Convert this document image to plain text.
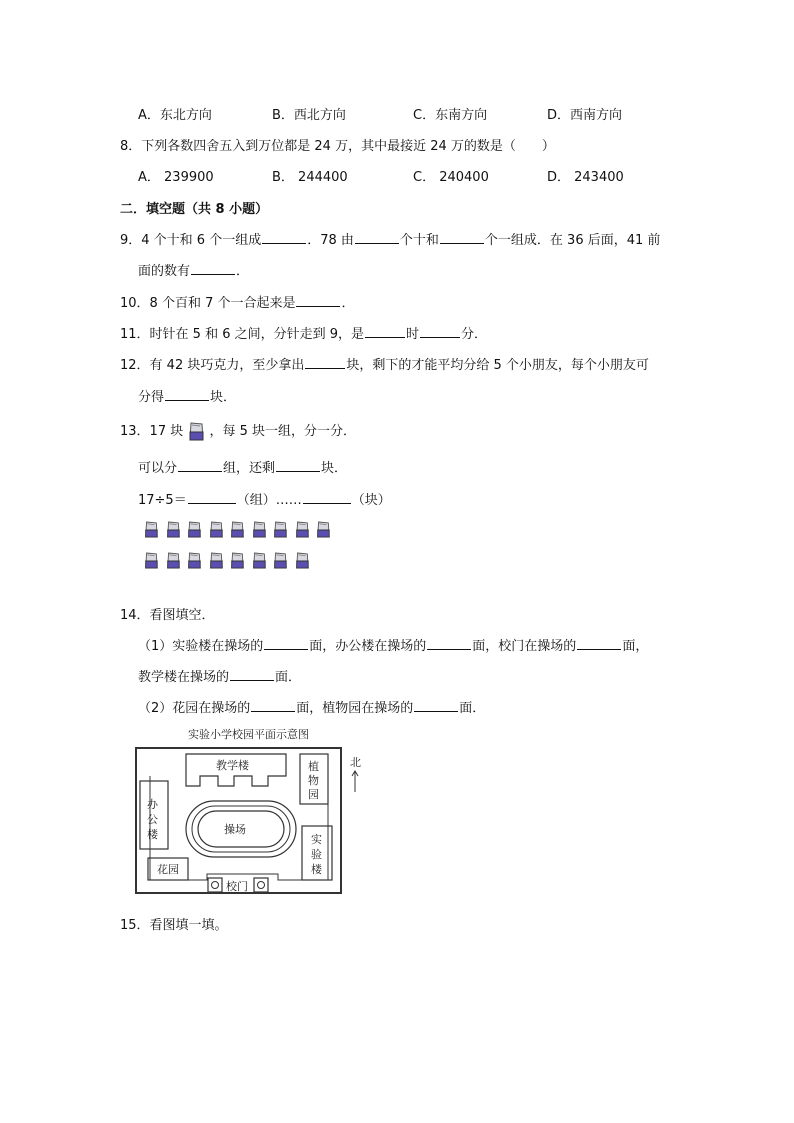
A．东北方向	B．西北方向	C．东南方向	D．西南方向
8．下列各数四舍五入到万位都是 24 万，其中最接近 24 万的数是（　　）
A． 239900	B． 244400	C． 240400	D． 243400
二．填空题（共 8 小题）
9．4 个十和 6 个一组成	．78 由	个十和	个一组成．在 36 后面，41 前
面的数有	．
10．8 个百和 7 个一合起来是	．
11．时针在 5 和 6 之间，分针走到 9，是	时	分．
12．有 42 块巧克力，至少拿出	块，剩下的才能平均分给 5 个小朋友，每个小朋友可
分得	块．
13．17 块 ，每 5 块一组，分一分．
可以分	组，还剩	块．
17÷5＝	（组）……	（块）
14．看图填空．
（1）实验楼在操场的	面，办公楼在操场的	面，校门在操场的	面，
教学楼在操场的	面．
（2）花园在操场的	面，植物园在操场的	面．
实验小学校园平面示意图
教学楼	植
物
园
办
公
楼	操场
实
验
楼
花园
校门
北
15．看图填一填。
